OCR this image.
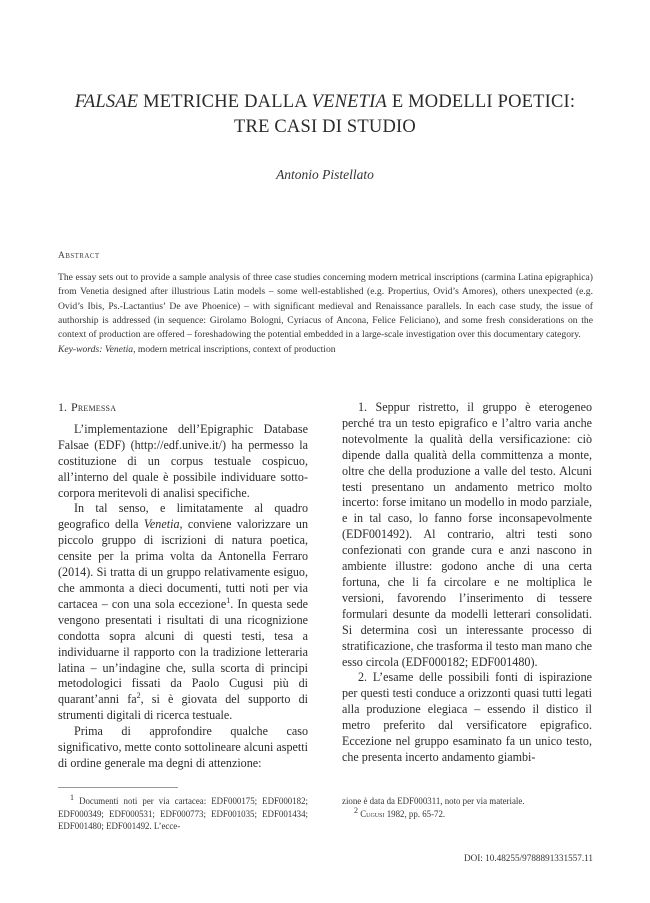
FALSAE METRICHE DALLA VENETIA E MODELLI POETICI:
TRE CASI DI STUDIO
Antonio Pistellato
Abstract
The essay sets out to provide a sample analysis of three case studies concerning modern metrical inscriptions (carmina Latina epigraphica) from Venetia designed after illustrious Latin models – some well-established (e.g. Propertius, Ovid’s Amores), others unexpected (e.g. Ovid’s Ibis, Ps.-Lactantius’ De ave Phoenice) – with significant medieval and Renaissance parallels. In each case study, the issue of authorship is addressed (in sequence: Girolamo Bologni, Cyriacus of Ancona, Felice Feliciano), and some fresh considerations on the context of production are offered – foreshadowing the potential embedded in a large-scale investigation over this documentary category.
Key-words: Venetia, modern metrical inscriptions, context of production
1. Premessa

L’implementazione dell’Epigraphic Database Falsae (EDF) (http://edf.unive.it/) ha permesso la costituzione di un corpus testuale cospicuo, all’interno del quale è possibile individuare sotto-corpora meritevoli di analisi specifiche.

In tal senso, e limitatamente al quadro geografico della Venetia, conviene valorizzare un piccolo gruppo di iscrizioni di natura poetica, censite per la prima volta da Antonella Ferraro (2014). Si tratta di un gruppo relativamente esiguo, che ammonta a dieci documenti, tutti noti per via cartacea – con una sola eccezione$^1$. In questa sede vengono presentati i risultati di una ricognizione condotta sopra alcuni di questi testi, tesa a individuarne il rapporto con la tradizione letteraria latina – un’indagine che, sulla scorta di principi metodologici fissati da Paolo Cugusi più di quarant’anni $fa^2$, si è giovata del supporto di strumenti digitali di ricerca testuale.

Prima di approfondire qualche caso significativo, mette conto sottolineare alcuni aspetti di ordine generale ma degni di attenzione:

1. Seppur ristretto, il gruppo è eterogeneo perché tra un testo epigrafico e l’altro varia anche notevolmente la qualità della versificazione: ciò dipende dalla qualità della committenza a monte, oltre che della produzione a valle del testo. Alcuni testi presentano un andamento metrico molto incerto: forse imitano un modello in modo parziale, e in tal caso, lo fanno forse inconsapevolmente (EDF001492). Al contrario, altri testi sono confezionati con grande cura e anzi nascono in ambiente illustre: godono anche di una certa fortuna, che li fa circolare e ne moltiplica le versioni, favorendo l’inserimento di tessere formulari desunte da modelli letterari consolidati. Si determina così un interessante processo di stratificazione, che trasforma il testo man mano che esso circola (EDF000182; EDF001480).

2. L’esame delle possibili fonti di ispirazione per questi testi conduce a orizzonti quasi tutti legati alla produzione elegiaca – essendo il distico il metro preferito dal versificatore epigrafico. Eccezione nel gruppo esaminato fa un unico testo, che presenta incerto andamento giambi-

$^1$ Documenti noti per via cartacea: EDF000175; EDF000182; EDF000349; EDF000531; EDF000773; EDF001035; EDF001434; EDF001480; EDF001492. L’ecce-

zione è data da EDF000311, noto per via materiale.

$^2$ Cugusi 1982, pp. 65-72.

DOI: 10.48255/9788891331557.11
